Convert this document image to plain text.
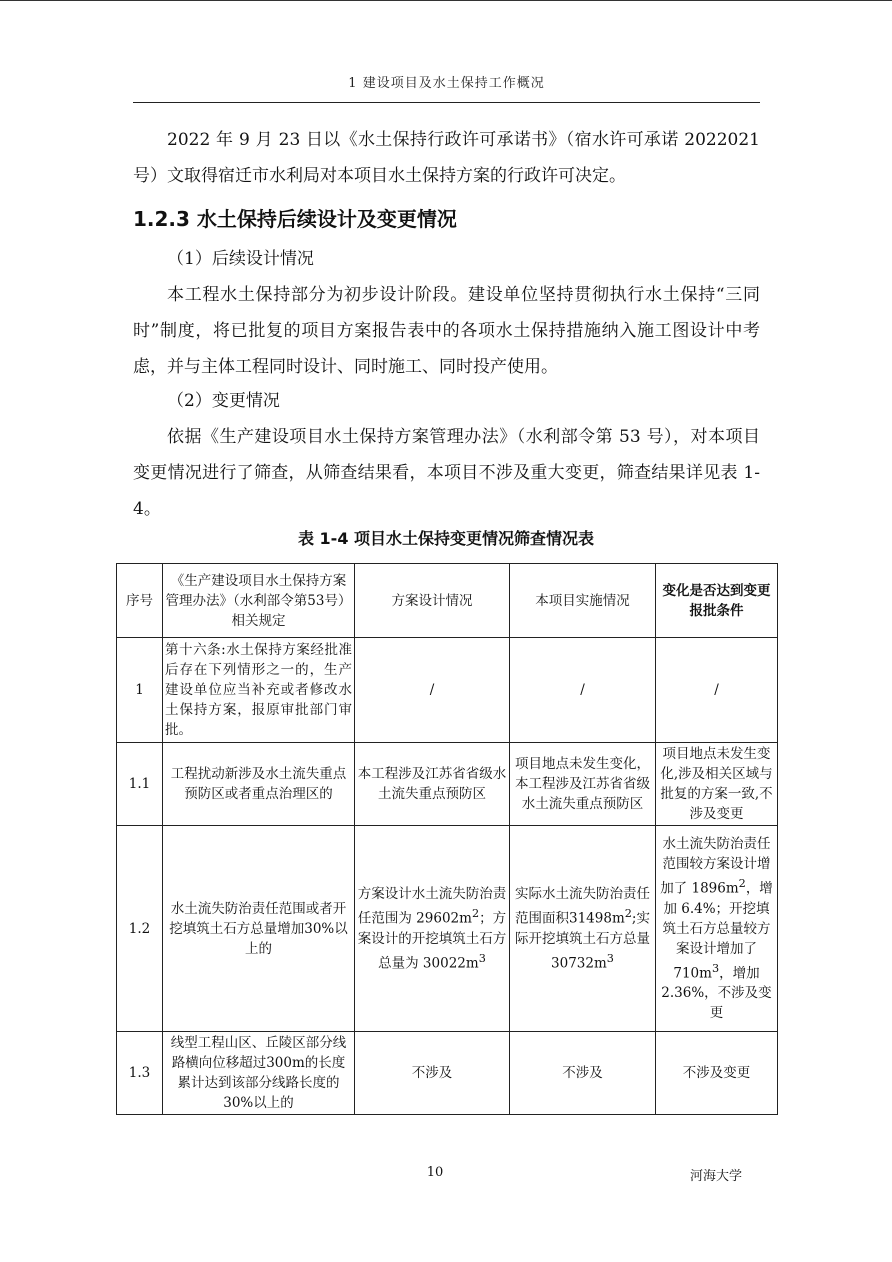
1 建设项目及水土保持工作概况
2022 年 9 月 23 日以《水土保持行政许可承诺书》（宿水许可承诺 2022021 号）文取得宿迁市水利局对本项目水土保持方案的行政许可决定。
1.2.3 水土保持后续设计及变更情况
（1）后续设计情况
本工程水土保持部分为初步设计阶段。建设单位坚持贯彻执行水土保持“三同时”制度，将已批复的项目方案报告表中的各项水土保持措施纳入施工图设计中考虑，并与主体工程同时设计、同时施工、同时投产使用。
（2）变更情况
依据《生产建设项目水土保持方案管理办法》（水利部令第 53 号），对本项目变更情况进行了筛查，从筛查结果看，本项目不涉及重大变更，筛查结果详见表 1-4。
表 1-4 项目水土保持变更情况筛查情况表
序号	《生产建设项目水土保持方案管理办法》（水利部令第53号）相关规定	方案设计情况	本项目实施情况	变化是否达到变更报批条件
1	第十六条:水土保持方案经批准后存在下列情形之一的，生产建设单位应当补充或者修改水土保持方案，报原审批部门审批。	/	/	/
1.1	工程扰动新涉及水土流失重点预防区或者重点治理区的	本工程涉及江苏省省级水土流失重点预防区	项目地点未发生变化，本工程涉及江苏省省级水土流失重点预防区	项目地点未发生变化,涉及相关区域与批复的方案一致,不涉及变更
1.2	水土流失防治责任范围或者开挖填筑土石方总量增加30%以上的	方案设计水土流失防治责任范围为 $29602m^2$；方案设计的开挖填筑土石方总量为 $30022m^3$	实际水土流失防治责任范围面积$31498m^2$;实际开挖填筑土石方总量 $30732m^3$	水土流失防治责任范围较方案设计增加了 $1896m^2$，增加 6.4%；开挖填筑土石方总量较方案设计增加了 $710m^3$，增加 2.36%，不涉及变更
1.3	线型工程山区、丘陵区部分线路横向位移超过300m的长度累计达到该部分线路长度的 30%以上的	不涉及	不涉及	不涉及变更
10	河海大学
